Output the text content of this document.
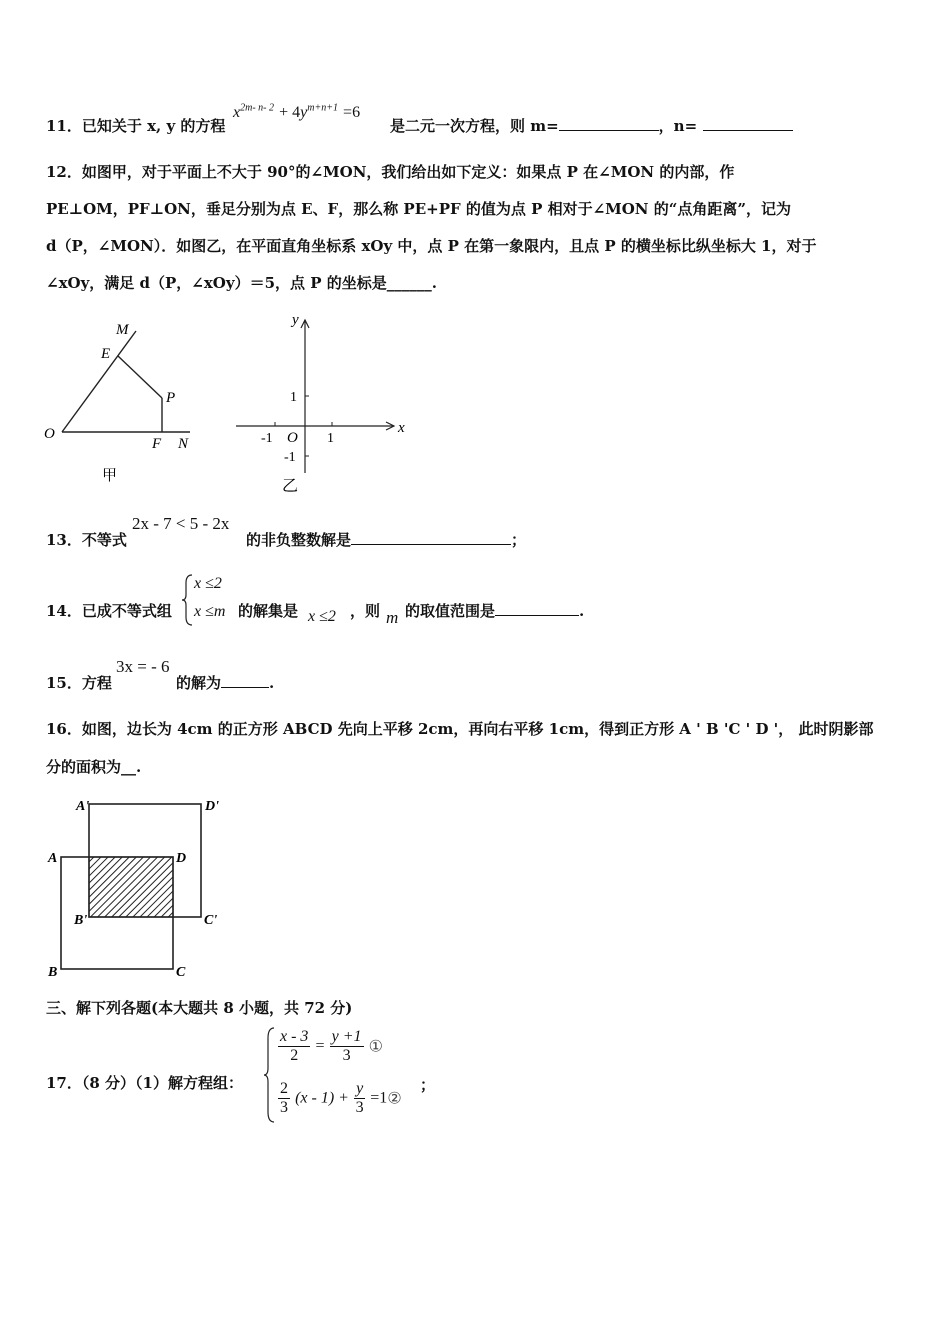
11．已知关于 x, y 的方程
$x^{2m- n- 2} + 4y^{m+n+1} =6$
是二元一次方程，则 m=	，n=
12．如图甲，对于平面上不大于 90°的∠MON，我们给出如下定义：如果点 P 在∠MON 的内部，作
PE⊥OM，PF⊥ON，垂足分别为点 E、F，那么称 PE+PF 的值为点 P 相对于∠MON 的“点角距离”，记为
d（P，∠MON）．如图乙，在平面直角坐标系 xOy 中，点 P 在第一象限内，且点 P 的横坐标比纵坐标大 1，对于
∠xOy，满足 d（P，∠xOy）＝5，点 P 的坐标是______.
M
E
P
O
F N
甲
x
y
O
-1	1
1
-1
乙
13．不等式
2x - 7 < 5 - 2x
的非负整数解是	；
14．已成不等式组
x ≤2
x ≤m 的解集是 x ≤2 ，则 m 的取值范围是	.
15．方程
3x = - 6
的解为	.
16．如图，边长为 4cm 的正方形 ABCD 先向上平移 2cm，再向右平移 1cm，得到正方形 A ' B 'C ' D '， 此时阴影部
分的面积为__.
A'	D'
A	D
B'	C'
B	C
三、解下列各题(本大题共 8 小题，共 72 分)
17．（8 分）（1）解方程组：
$\frac{x - 3}{2} = \frac{y +1}{3}$ ①
$\frac{2}{3} (x - 1) + \frac{y}{3}$ =1②
；
